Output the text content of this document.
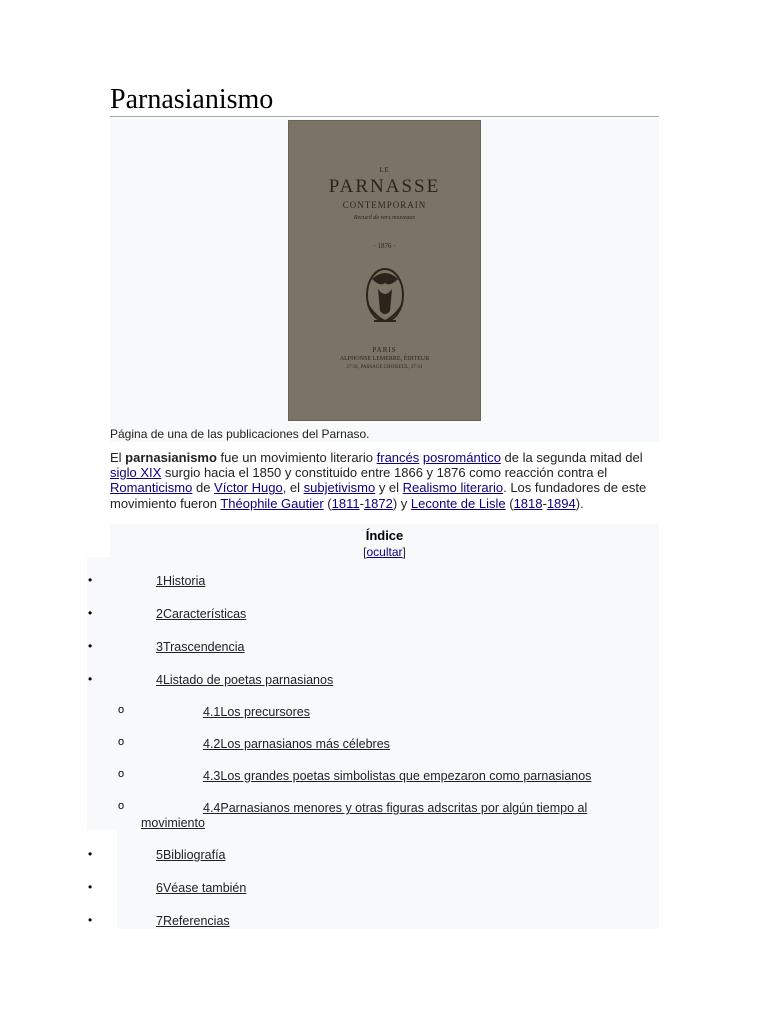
Parnasianismo
LE
PARNASSE
CONTEMPORAIN
Recueil de vers nouveaux
· 1876 ·
PARIS
ALPHONSE LEMERRE, ÉDITEUR
27-31, PASSAGE CHOISEUL, 27-31
Página de una de las publicaciones del Parnaso.
El parnasianismo fue un movimiento literario francés posromántico de la segunda mitad del siglo XIX surgio hacia el 1850 y constituido entre 1866 y 1876 como reacción contra el Romanticismo de Víctor Hugo, el subjetivismo y el Realismo literario. Los fundadores de este movimiento fueron Théophile Gautier (1811-1872) y Leconte de Lisle (1818-1894).
Índice
[ocultar]
•	1Historia
•	2Características
•	3Trascendencia
•	4Listado de poetas parnasianos
o	4.1Los precursores
o	4.2Los parnasianos más célebres
o	4.3Los grandes poetas simbolistas que empezaron como parnasianos
o	4.4Parnasianos menores y otras figuras adscritas por algún tiempo al
movimiento
•	5Bibliografía
•	6Véase también
•	7Referencias
